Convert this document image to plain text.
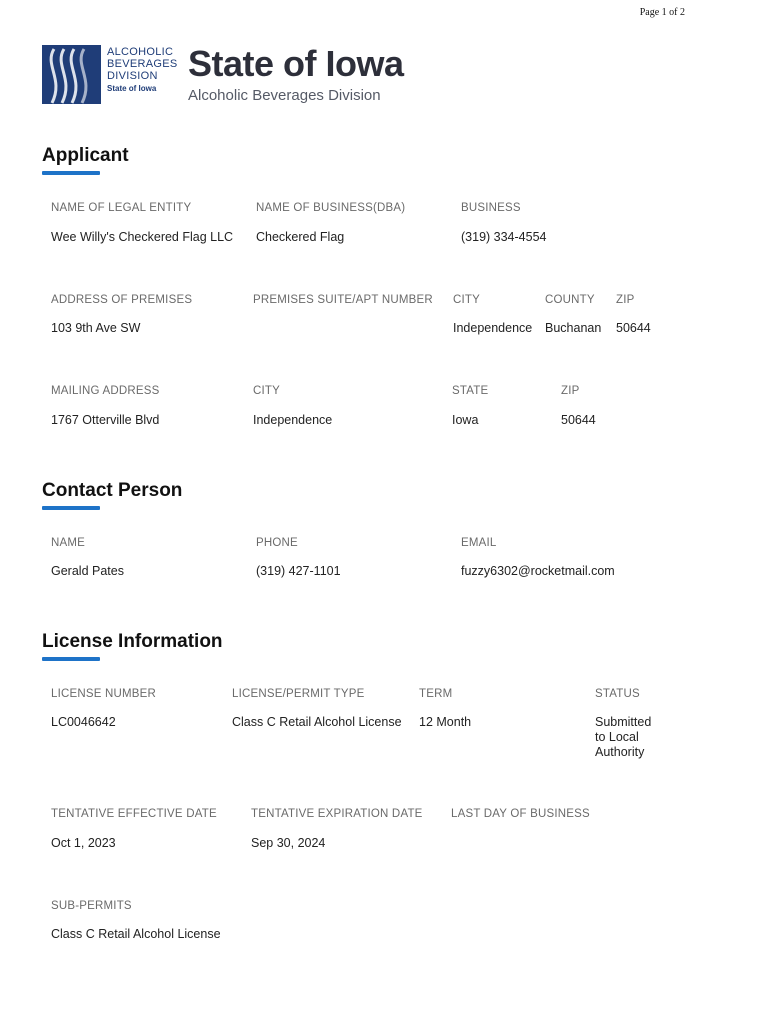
Page 1 of 2
ALCOHOLIC
BEVERAGES
DIVISION
State of Iowa
State of Iowa
Alcoholic Beverages Division
Applicant
NAME OF LEGAL ENTITY
Wee Willy's Checkered Flag LLC
NAME OF BUSINESS(DBA)
Checkered Flag
BUSINESS
(319) 334-4554
ADDRESS OF PREMISES
103 9th Ave SW
PREMISES SUITE/APT NUMBER CITY
Independence
COUNTY
Buchanan
ZIP
50644
MAILING ADDRESS
1767 Otterville Blvd
CITY
Independence
STATE
Iowa
ZIP
50644
Contact Person
NAME
Gerald Pates
PHONE
(319) 427-1101
EMAIL
fuzzy6302@rocketmail.com
License Information
LICENSE NUMBER
LC0046642
LICENSE/PERMIT TYPE
Class C Retail Alcohol License
TERM
12 Month
STATUS
Submitted to Local Authority
TENTATIVE EFFECTIVE DATE
Oct 1, 2023
TENTATIVE EXPIRATION DATE
Sep 30, 2024
LAST DAY OF BUSINESS
SUB-PERMITS
Class C Retail Alcohol License
